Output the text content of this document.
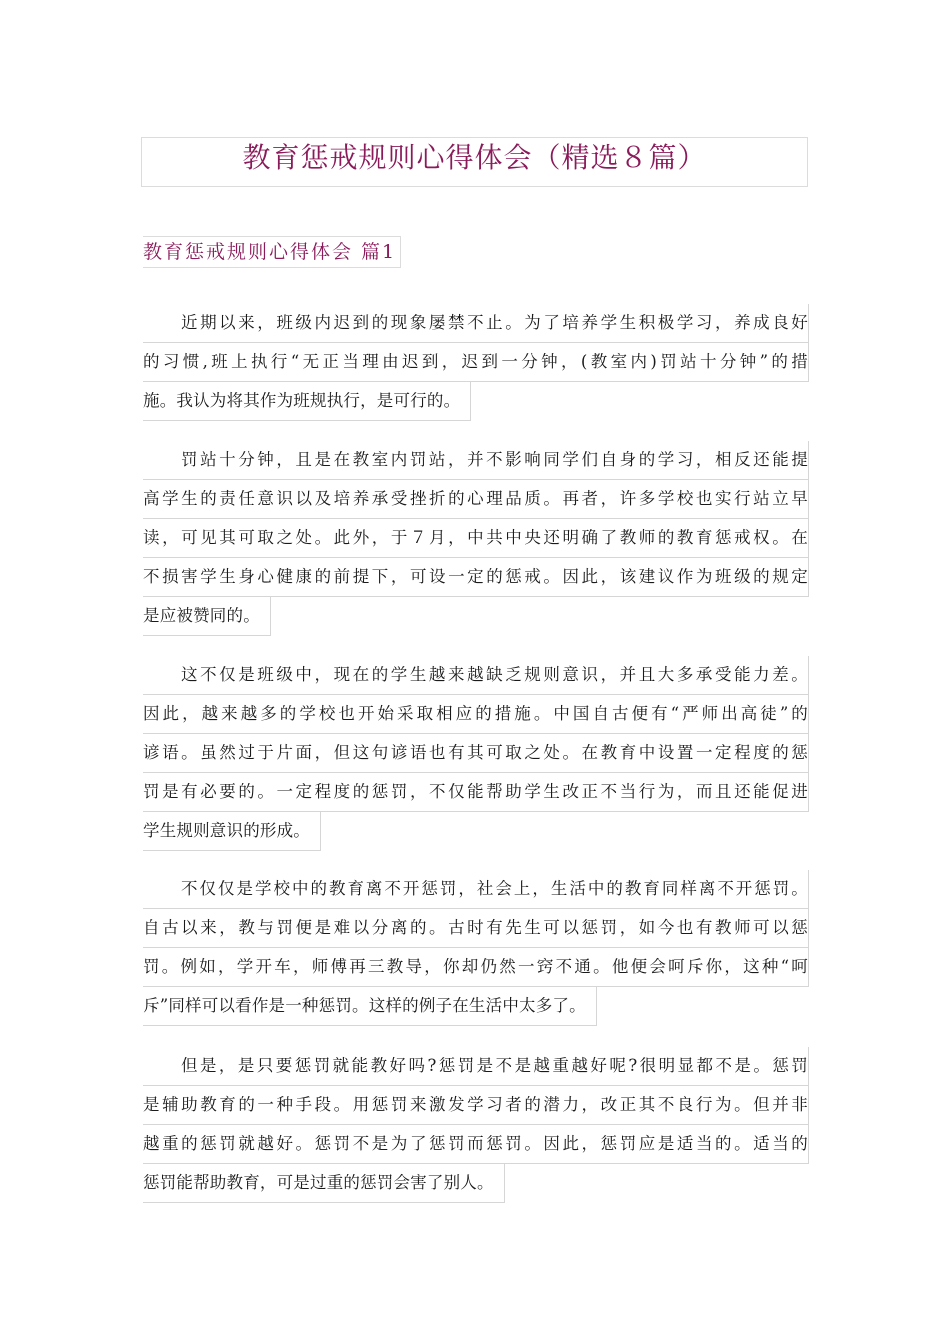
教育惩戒规则心得体会（精选８篇）
教育惩戒规则心得体会 篇1
近期以来，班级内迟到的现象屡禁不止。为了培养学生积极学习，养成良好
的习惯,班上执行“无正当理由迟到，迟到一分钟，(教室内)罚站十分钟”的措
施。我认为将其作为班规执行，是可行的。
罚站十分钟，且是在教室内罚站，并不影响同学们自身的学习，相反还能提
高学生的责任意识以及培养承受挫折的心理品质。再者，许多学校也实行站立早
读，可见其可取之处。此外，于７月，中共中央还明确了教师的教育惩戒权。在
不损害学生身心健康的前提下，可设一定的惩戒。因此，该建议作为班级的规定
是应被赞同的。
这不仅是班级中，现在的学生越来越缺乏规则意识，并且大多承受能力差。
因此，越来越多的学校也开始采取相应的措施。中国自古便有“严师出高徒”的
谚语。虽然过于片面，但这句谚语也有其可取之处。在教育中设置一定程度的惩
罚是有必要的。一定程度的惩罚，不仅能帮助学生改正不当行为，而且还能促进
学生规则意识的形成。
不仅仅是学校中的教育离不开惩罚，社会上，生活中的教育同样离不开惩罚。
自古以来，教与罚便是难以分离的。古时有先生可以惩罚，如今也有教师可以惩
罚。例如，学开车，师傅再三教导，你却仍然一窍不通。他便会呵斥你，这种“呵
斥”同样可以看作是一种惩罚。这样的例子在生活中太多了。
但是，是只要惩罚就能教好吗?惩罚是不是越重越好呢?很明显都不是。惩罚
是辅助教育的一种手段。用惩罚来激发学习者的潜力，改正其不良行为。但并非
越重的惩罚就越好。惩罚不是为了惩罚而惩罚。因此，惩罚应是适当的。适当的
惩罚能帮助教育，可是过重的惩罚会害了别人。
